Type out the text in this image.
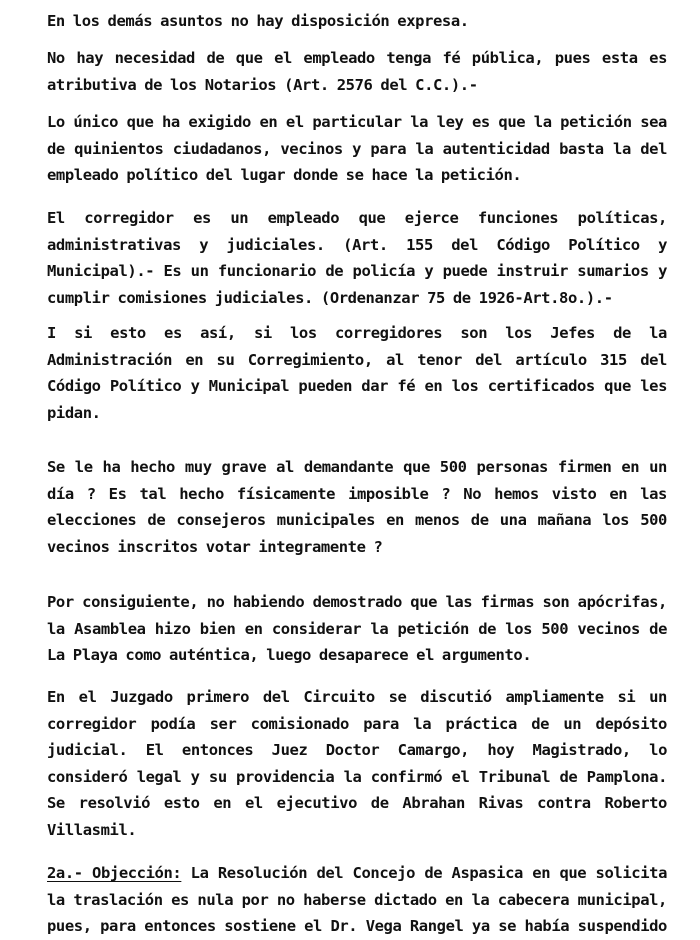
En los demás asuntos no hay disposición expresa.

No hay necesidad de que el empleado tenga fé pública, pues esta es
atributiva de los Notarios (Art. 2576 del C.C.).-

Lo único que ha exigido en el particular la ley es que la petición sea
de quinientos ciudadanos, vecinos y para la autenticidad basta la del
empleado político del lugar donde se hace la petición.

El corregidor es un empleado que ejerce funciones políticas,
administrativas y judiciales. (Art. 155 del Código Político y
Municipal).- Es un funcionario de policía y puede instruir sumarios y
cumplir comisiones judiciales. (Ordenanzar 75 de 1926-Art.8o.).-

I si esto es así, si los corregidores son los Jefes de la
Administración en su Corregimiento, al tenor del artículo 315 del
Código Político y Municipal pueden dar fé en los certificados que les
pidan.

Se le ha hecho muy grave al demandante que 500 personas firmen en un
día ? Es tal hecho físicamente imposible ? No hemos visto en las
elecciones de consejeros municipales en menos de una mañana los 500
vecinos inscritos votar integramente ?

Por consiguiente, no habiendo demostrado que las firmas son apócrifas,
la Asamblea hizo bien en considerar la petición de los 500 vecinos de
La Playa como auténtica, luego desaparece el argumento.

En el Juzgado primero del Circuito se discutió ampliamente si un
corregidor podía ser comisionado para la práctica de un depósito
judicial. El entonces Juez Doctor Camargo, hoy Magistrado, lo
consideró legal y su providencia la confirmó el Tribunal de Pamplona.
Se resolvió esto en el ejecutivo de Abrahan Rivas contra Roberto
Villasmil.

2a.- Objección: La Resolución del Concejo de Aspasica en que solicita
la traslación es nula por no haberse dictado en la cabecera municipal,
pues, para entonces sostiene el Dr. Vega Rangel ya se había suspendido
